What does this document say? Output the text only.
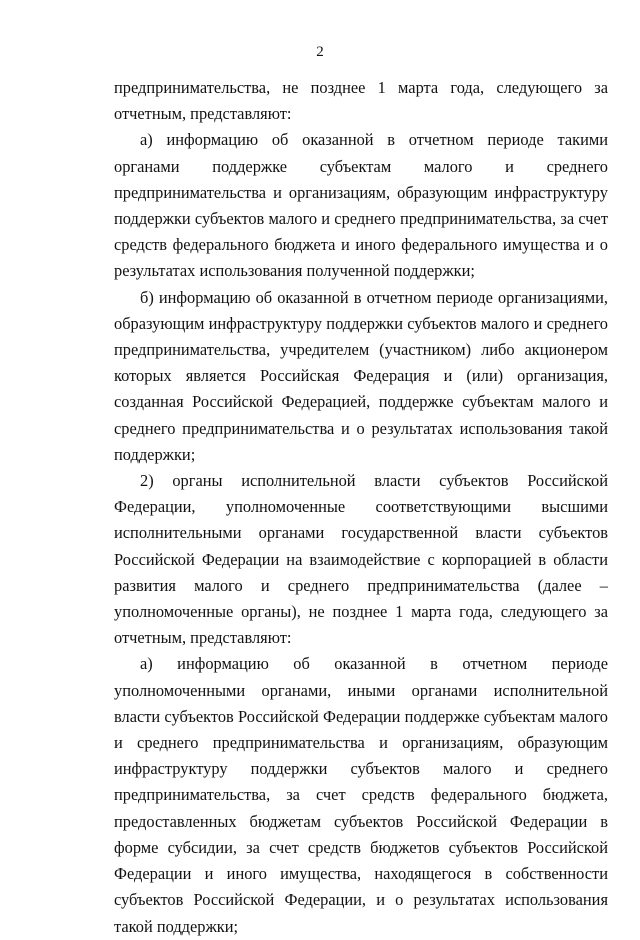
2

предпринимательства, не позднее 1 марта года, следующего за отчетным, представляют:

а) информацию об оказанной в отчетном периоде такими органами поддержке субъектам малого и среднего предпринимательства и организациям, образующим инфраструктуру поддержки субъектов малого и среднего предпринимательства, за счет средств федерального бюджета и иного федерального имущества и о результатах использования полученной поддержки;

б) информацию об оказанной в отчетном периоде организациями, образующим инфраструктуру поддержки субъектов малого и среднего предпринимательства, учредителем (участником) либо акционером которых является Российская Федерация и (или) организация, созданная Российской Федерацией, поддержке субъектам малого и среднего предпринимательства и о результатах использования такой поддержки;

2) органы исполнительной власти субъектов Российской Федерации, уполномоченные соответствующими высшими исполнительными органами государственной власти субъектов Российской Федерации на взаимодействие с корпорацией в области развития малого и среднего предпринимательства (далее – уполномоченные органы), не позднее 1 марта года, следующего за отчетным, представляют:

а) информацию об оказанной в отчетном периоде уполномоченными органами, иными органами исполнительной власти субъектов Российской Федерации поддержке субъектам малого и среднего предпринимательства и организациям, образующим инфраструктуру поддержки субъектов малого и среднего предпринимательства, за счет средств федерального бюджета, предоставленных бюджетам субъектов Российской Федерации в форме субсидии, за счет средств бюджетов субъектов Российской Федерации и иного имущества, находящегося в собственности субъектов Российской Федерации, и о результатах использования такой поддержки;
